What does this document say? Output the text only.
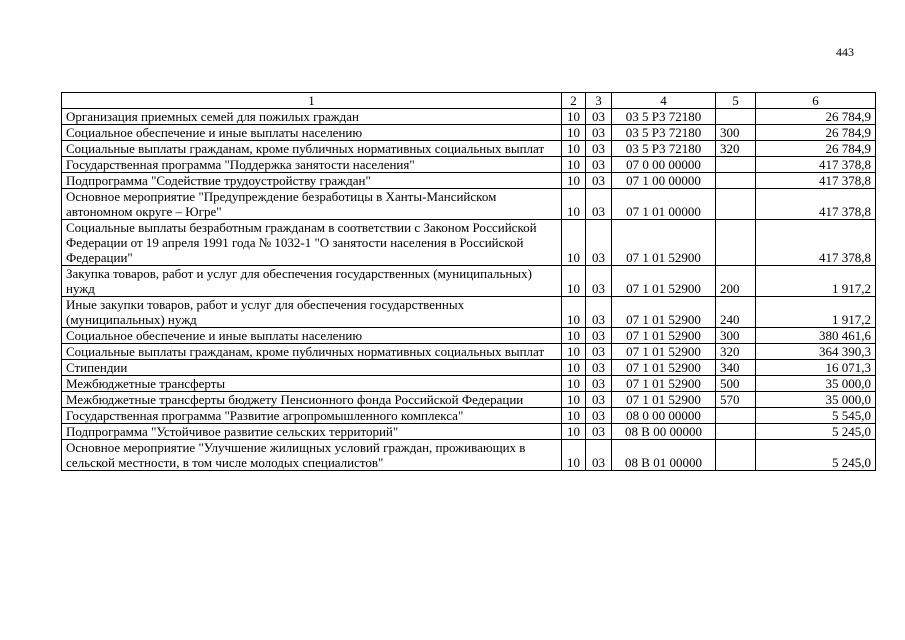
443
1	2	3	4	5	6
Организация приемных семей для пожилых граждан	10	03	03 5 P3 72180		26 784,9
Социальное обеспечение и иные выплаты населению	10	03	03 5 P3 72180	300	26 784,9
Социальные выплаты гражданам, кроме публичных нормативных социальных выплат	10	03	03 5 P3 72180	320	26 784,9
Государственная программа "Поддержка занятости населения"	10	03	07 0 00 00000		417 378,8
Подпрограмма "Содействие трудоустройству граждан"	10	03	07 1 00 00000		417 378,8
Основное мероприятие "Предупреждение безработицы в Ханты-Мансийском автономном округе – Югре"	10	03	07 1 01 00000		417 378,8
Социальные выплаты безработным гражданам в соответствии с Законом Российской Федерации от 19 апреля 1991 года № 1032-1 "О занятости населения в Российской Федерации"	10	03	07 1 01 52900		417 378,8
Закупка товаров, работ и услуг для обеспечения государственных (муниципальных) нужд	10	03	07 1 01 52900	200	1 917,2
Иные закупки товаров, работ и услуг для обеспечения государственных (муниципальных) нужд	10	03	07 1 01 52900	240	1 917,2
Социальное обеспечение и иные выплаты населению	10	03	07 1 01 52900	300	380 461,6
Социальные выплаты гражданам, кроме публичных нормативных социальных выплат	10	03	07 1 01 52900	320	364 390,3
Стипендии	10	03	07 1 01 52900	340	16 071,3
Межбюджетные трансферты	10	03	07 1 01 52900	500	35 000,0
Межбюджетные трансферты бюджету Пенсионного фонда Российской Федерации	10	03	07 1 01 52900	570	35 000,0
Государственная программа "Развитие агропромышленного комплекса"	10	03	08 0 00 00000		5 545,0
Подпрограмма "Устойчивое развитие сельских территорий"	10	03	08 В 00 00000		5 245,0
Основное мероприятие "Улучшение жилищных условий граждан, проживающих в сельской местности, в том числе молодых специалистов"	10	03	08 В 01 00000		5 245,0
